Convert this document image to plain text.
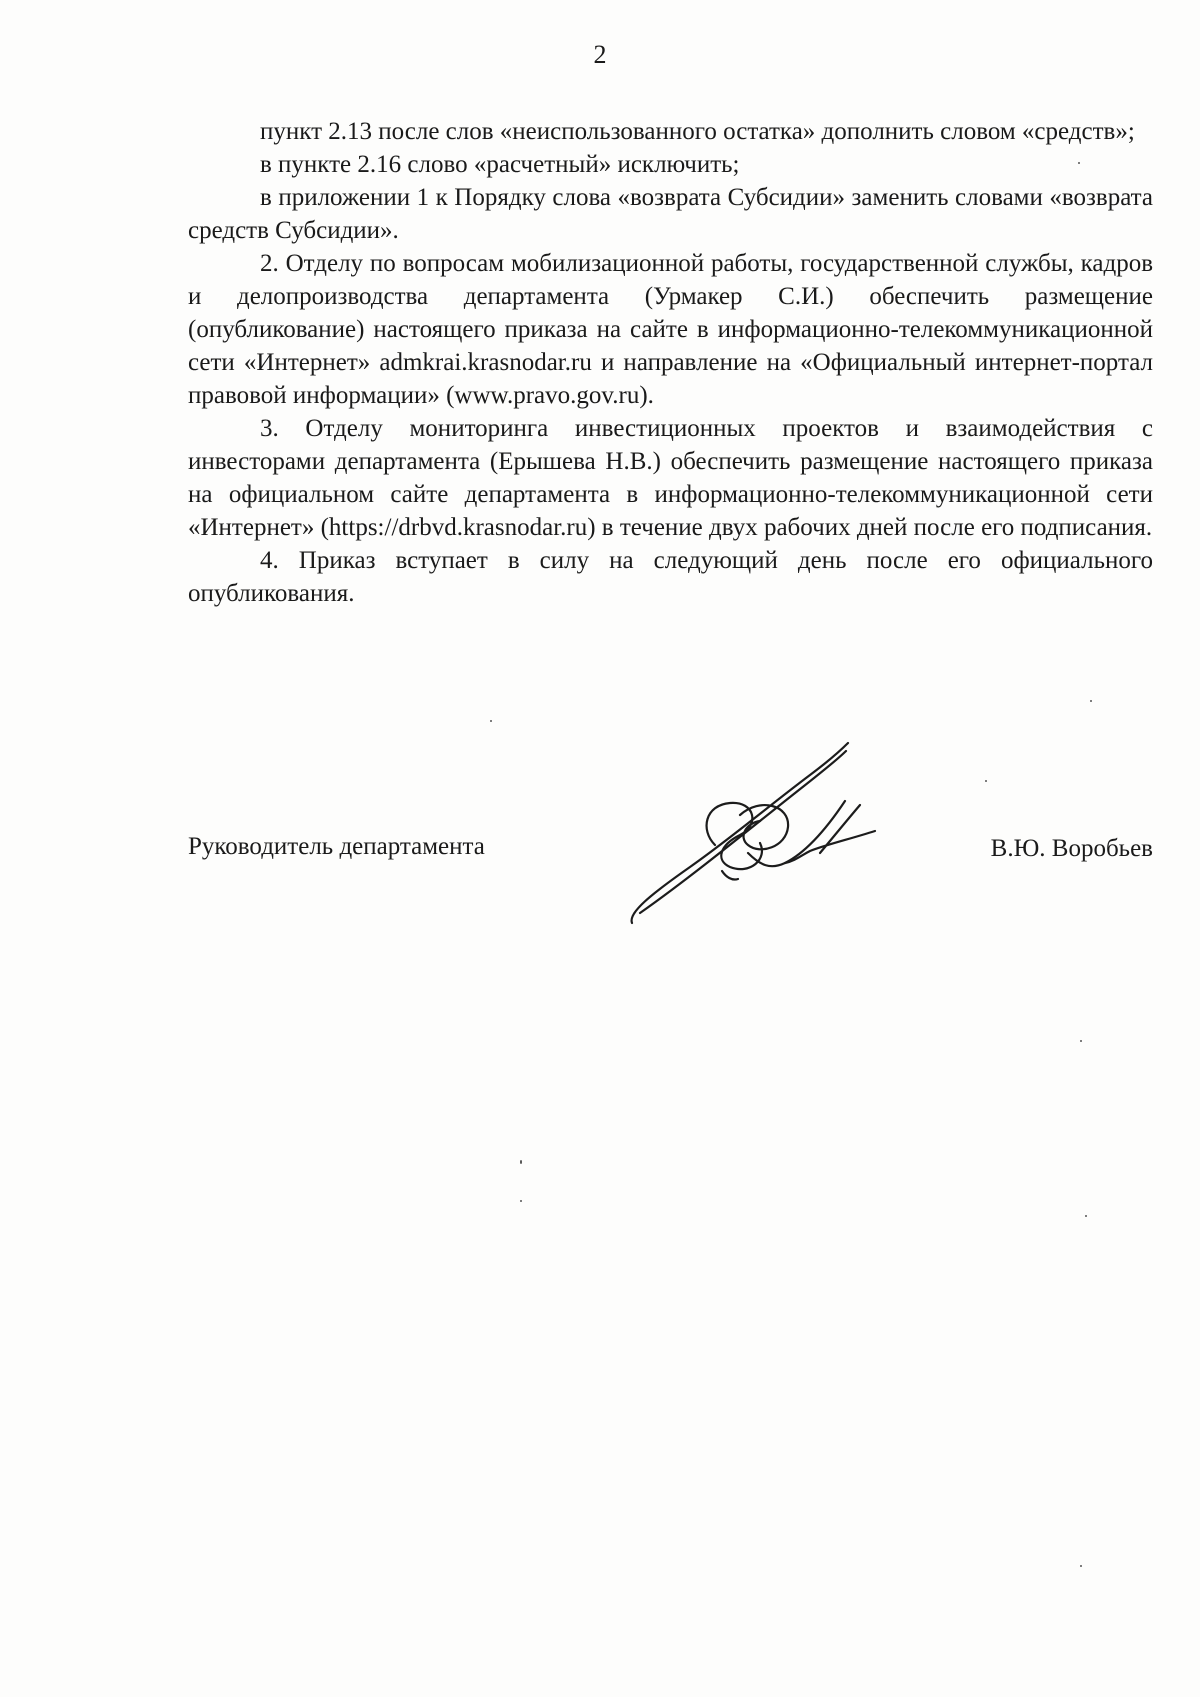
2

пункт 2.13 после слов «неиспользованного остатка» дополнить словом «средств»;

в пункте 2.16 слово «расчетный» исключить;

в приложении 1 к Порядку слова «возврата Субсидии» заменить словами «возврата средств Субсидии».

2. Отделу по вопросам мобилизационной работы, государственной службы, кадров и делопроизводства департамента (Урмакер С.И.) обеспечить размещение (опубликование) настоящего приказа на сайте в информационно-телекоммуникационной сети «Интернет» admkrai.krasnodar.ru и направление на «Официальный интернет-портал правовой информации» (www.pravo.gov.ru).

3. Отделу мониторинга инвестиционных проектов и взаимодействия с инвесторами департамента (Ерышева Н.В.) обеспечить размещение настоящего приказа на официальном сайте департамента в информационно-телекоммуникационной сети «Интернет» (https://drbvd.krasnodar.ru) в течение двух рабочих дней после его подписания.

4. Приказ вступает в силу на следующий день после его официального опубликования.

Руководитель департамента	В.Ю. Воробьев
